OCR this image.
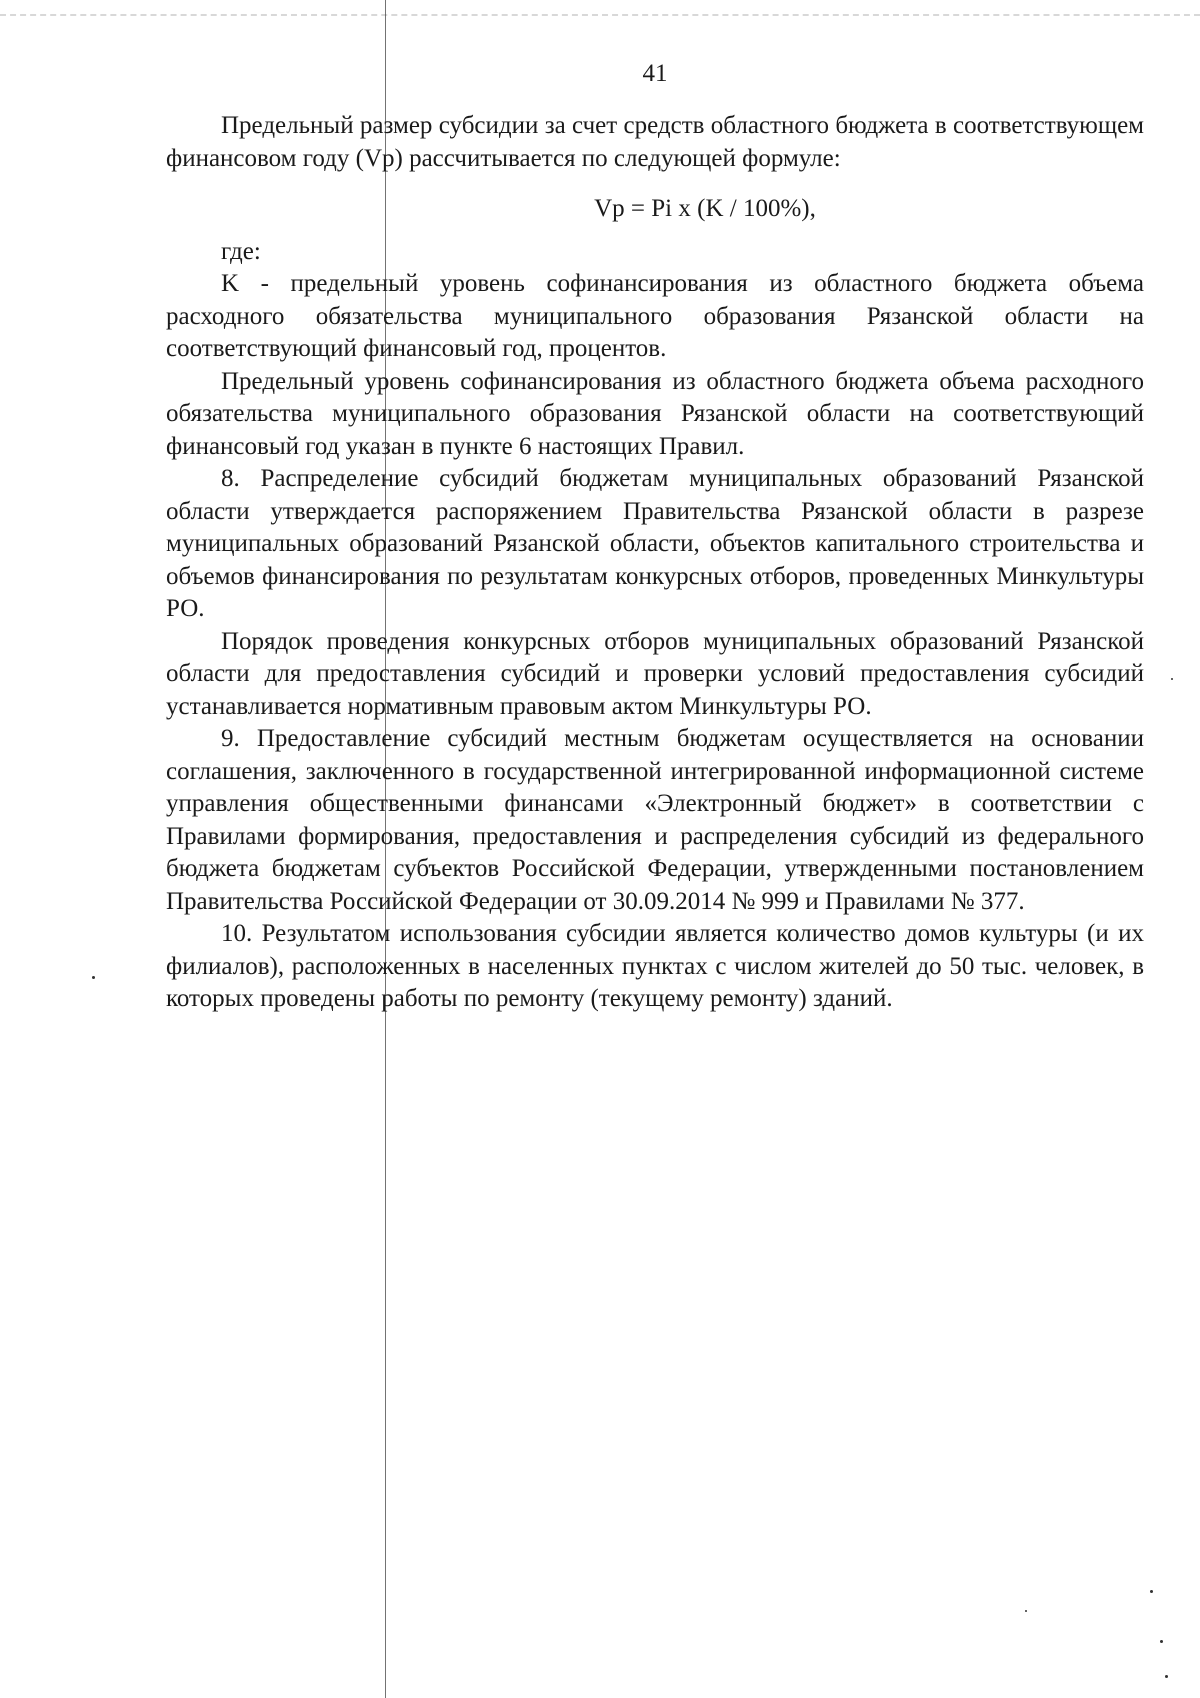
41

Предельный размер субсидии за счет средств областного бюджета в соответствующем финансовом году (Vp) рассчитывается по следующей формуле:

Vp = Pi x (K / 100%),

где:

K - предельный уровень софинансирования из областного бюджета объема расходного обязательства муниципального образования Рязанской области на соответствующий финансовый год, процентов.

Предельный уровень софинансирования из областного бюджета объема расходного обязательства муниципального образования Рязанской области на соответствующий финансовый год указан в пункте 6 настоящих Правил.

8. Распределение субсидий бюджетам муниципальных образований Рязанской области утверждается распоряжением Правительства Рязанской области в разрезе муниципальных образований Рязанской области, объектов капитального строительства и объемов финансирования по результатам конкурсных отборов, проведенных Минкультуры РО.

Порядок проведения конкурсных отборов муниципальных образований Рязанской области для предоставления субсидий и проверки условий предоставления субсидий устанавливается нормативным правовым актом Минкультуры РО.

9. Предоставление субсидий местным бюджетам осуществляется на основании соглашения, заключенного в государственной интегрированной информационной системе управления общественными финансами «Электронный бюджет» в соответствии с Правилами формирования, предоставления и распределения субсидий из федерального бюджета бюджетам субъектов Российской Федерации, утвержденными постановлением Правительства Российской Федерации от 30.09.2014 № 999 и Правилами № 377.

10. Результатом использования субсидии является количество домов культуры (и их филиалов), расположенных в населенных пунктах с числом жителей до 50 тыс. человек, в которых проведены работы по ремонту (текущему ремонту) зданий.
